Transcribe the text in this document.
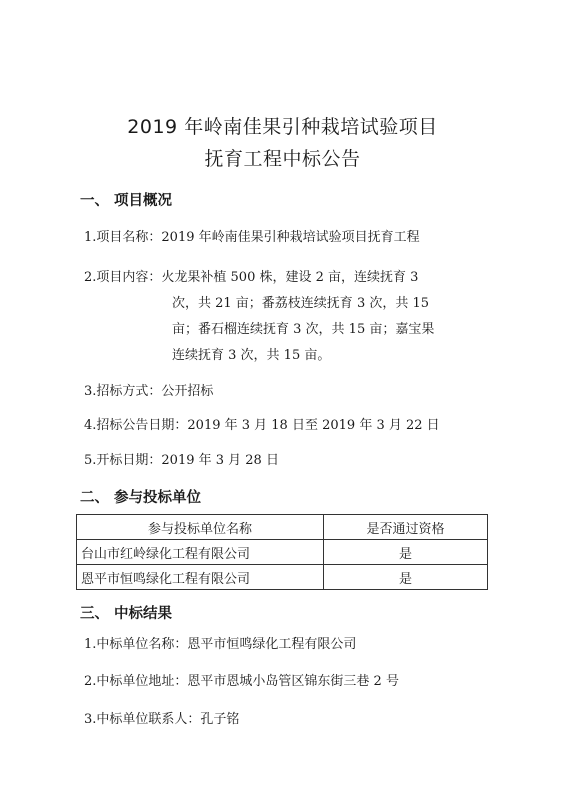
2019 年岭南佳果引种栽培试验项目
抚育工程中标公告
一、 项目概况
1.项目名称：2019 年岭南佳果引种栽培试验项目抚育工程
2.项目内容：火龙果补植 500 株，建设 2 亩，连续抚育 3
次，共 21 亩；番荔枝连续抚育 3 次，共 15
亩；番石榴连续抚育 3 次，共 15 亩；嘉宝果
连续抚育 3 次，共 15 亩。
3.招标方式：公开招标
4.招标公告日期：2019 年 3 月 18 日至 2019 年 3 月 22 日
5.开标日期：2019 年 3 月 28 日
二、 参与投标单位
参与投标单位名称	是否通过资格
台山市红岭绿化工程有限公司	是
恩平市恒鸣绿化工程有限公司	是
三、 中标结果
1.中标单位名称：恩平市恒鸣绿化工程有限公司
2.中标单位地址：恩平市恩城小岛管区锦东街三巷 2 号
3.中标单位联系人：孔子铭
